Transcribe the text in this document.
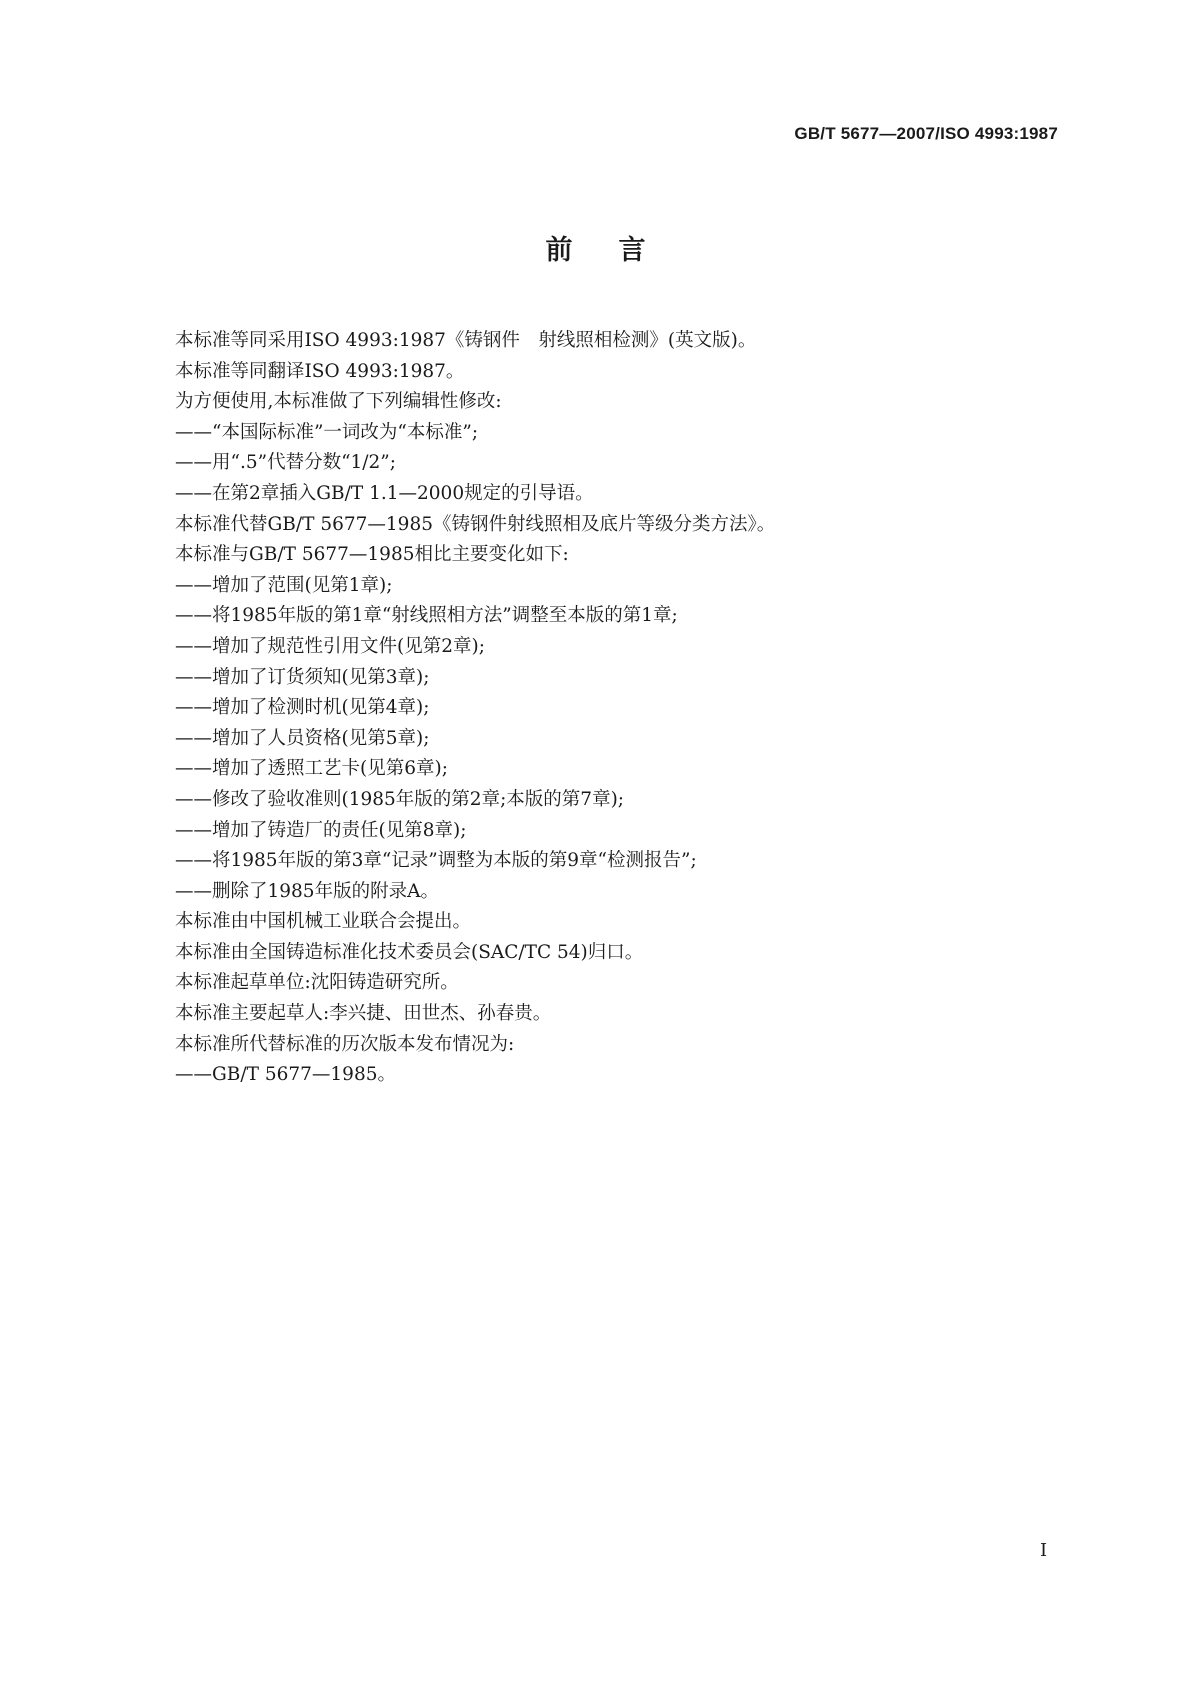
GB/T 5677—2007/ISO 4993:1987
前言
本标准等同采用ISO 4993:1987《铸钢件　射线照相检测》(英文版)。
本标准等同翻译ISO 4993:1987。
为方便使用,本标准做了下列编辑性修改:
——“本国际标准”一词改为“本标准”;
——用“.5”代替分数“1/2”;
——在第2章插入GB/T 1.1—2000规定的引导语。
本标准代替GB/T 5677—1985《铸钢件射线照相及底片等级分类方法》。
本标准与GB/T 5677—1985相比主要变化如下:
——增加了范围(见第1章);
——将1985年版的第1章“射线照相方法”调整至本版的第1章;
——增加了规范性引用文件(见第2章);
——增加了订货须知(见第3章);
——增加了检测时机(见第4章);
——增加了人员资格(见第5章);
——增加了透照工艺卡(见第6章);
——修改了验收准则(1985年版的第2章;本版的第7章);
——增加了铸造厂的责任(见第8章);
——将1985年版的第3章“记录”调整为本版的第9章“检测报告”;
——删除了1985年版的附录A。
本标准由中国机械工业联合会提出。
本标准由全国铸造标准化技术委员会(SAC/TC 54)归口。
本标准起草单位:沈阳铸造研究所。
本标准主要起草人:李兴捷、田世杰、孙春贵。
本标准所代替标准的历次版本发布情况为:
——GB/T 5677—1985。
I
